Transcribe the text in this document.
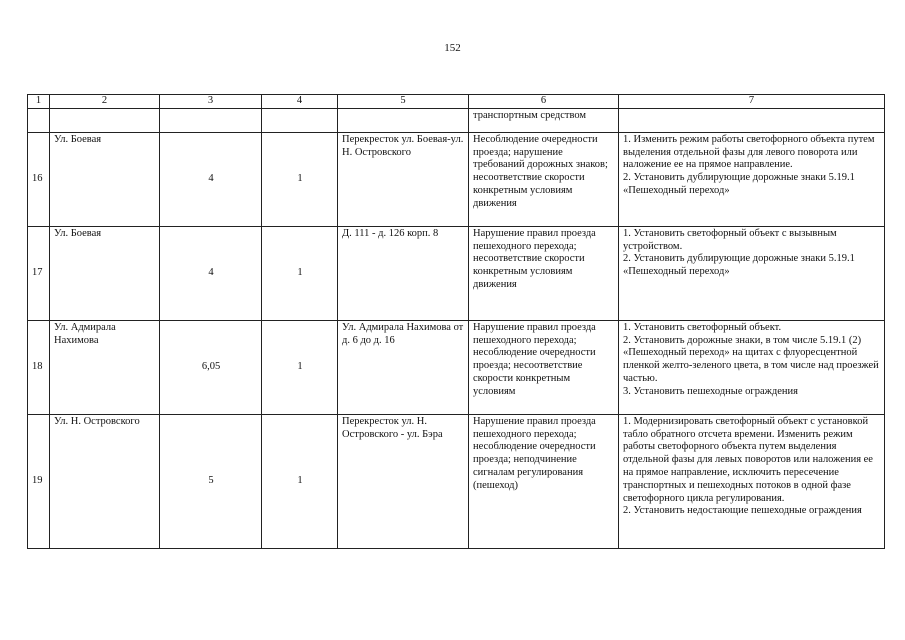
152
1	2	3	4	5	6	7
					транспортным средством	
16	Ул. Боевая	4	1	Перекресток ул. Боевая-ул. Н. Островского	Несоблюдение очередности проезда; нарушение требований дорожных знаков; несоответствие скорости конкретным условиям движения	1. Изменить режим работы светофорного объекта путем выделения отдельной фазы для левого поворота или наложение ее на прямое направление.
2. Установить дублирующие дорожные знаки 5.19.1 «Пешеходный переход»
17	Ул. Боевая	4	1	Д. 111 - д. 126 корп. 8	Нарушение правил проезда пешеходного перехода; несоответствие скорости конкретным условиям движения	1. Установить светофорный объект с вызывным устройством.
2. Установить дублирующие дорожные знаки 5.19.1 «Пешеходный переход»
18	Ул. Адмирала Нахимова	6,05	1	Ул. Адмирала Нахимова от д. 6 до д. 16	Нарушение правил проезда пешеходного перехода; несоблюдение очередности проезда; несоответствие скорости конкретным условиям	1. Установить светофорный объект.
2. Установить дорожные знаки, в том числе 5.19.1 (2) «Пешеходный переход» на щитах с флуоресцентной пленкой желто-зеленого цвета, в том числе над проезжей частью.
3. Установить пешеходные ограждения
19	Ул. Н. Островского	5	1	Перекресток ул. Н. Островского - ул. Бэра	Нарушение правил проезда пешеходного перехода; несоблюдение очередности проезда; неподчинение сигналам регулирования (пешеход)	1. Модернизировать светофорный объект с установкой табло обратного отсчета времени. Изменить режим работы светофорного объекта путем выделения отдельной фазы для левых поворотов или наложения ее на прямое направление, исключить пересечение транспортных и пешеходных потоков в одной фазе светофорного цикла регулирования.
2. Установить недостающие пешеходные ограждения
